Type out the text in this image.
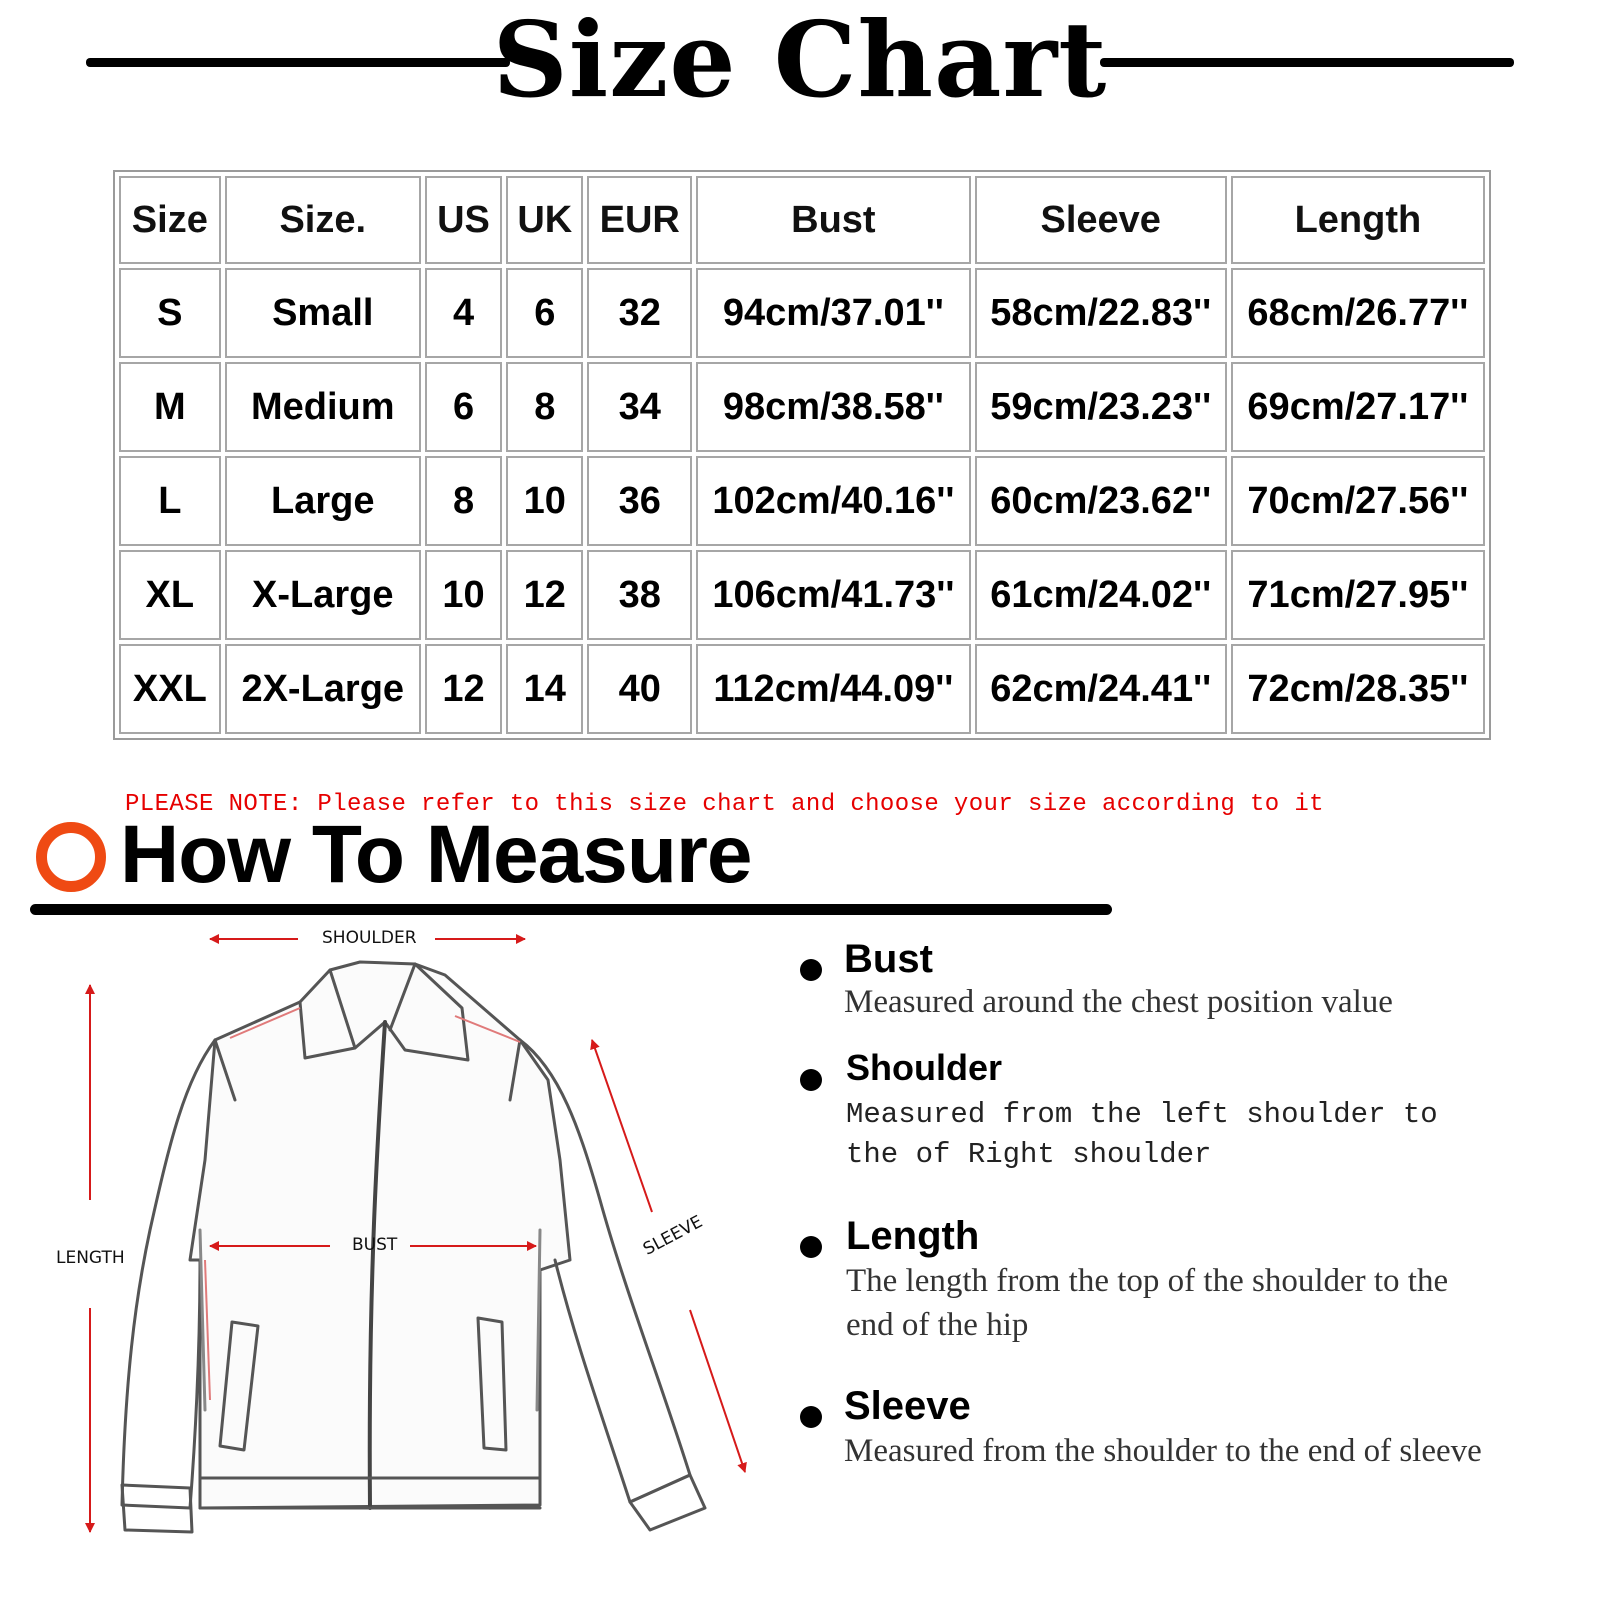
Size Chart
Size	Size.	US	UK	EUR	Bust	Sleeve	Length
S	Small	4	6	32	94cm/37.01''	58cm/22.83''	68cm/26.77''
M	Medium	6	8	34	98cm/38.58''	59cm/23.23''	69cm/27.17''
L	Large	8	10	36	102cm/40.16''	60cm/23.62''	70cm/27.56''
XL	X-Large	10	12	38	106cm/41.73''	61cm/24.02''	71cm/27.95''
XXL	2X-Large	12	14	40	112cm/44.09''	62cm/24.41''	72cm/28.35''
PLEASE NOTE: Please refer to this size chart and choose your size according to it
How To Measure
SHOULDER
BUST
LENGTH	SLEEVE
Bust
Measured around the chest position value
Shoulder
Measured from the left shoulder to the of Right shoulder
Length
The length from the top of the shoulder to the end of the hip
Sleeve
Measured from the shoulder to the end of sleeve
